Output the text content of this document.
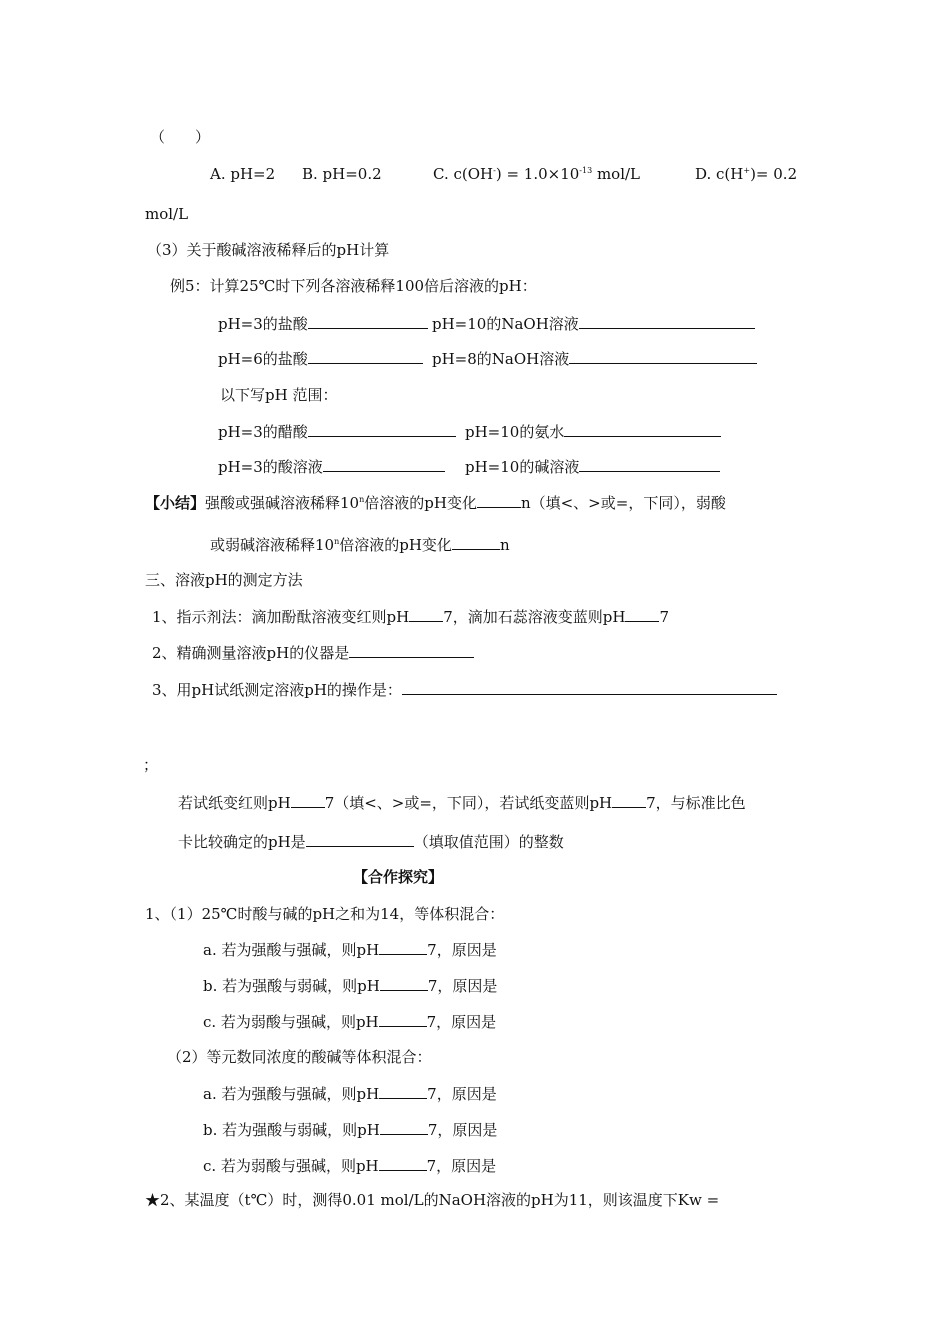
（　　）
A. pH=2 B. pH=0.2	C. $c(OH^-) = 1.0\times 10^{-13}$ mol/L	D. c(H+)= 0.2
mol/L
（3）关于酸碱溶液稀释后的pH计算
例5：计算25℃时下列各溶液稀释100倍后溶液的pH：
pH=3的盐酸	pH=10的NaOH溶液
pH=6的盐酸	pH=8的NaOH溶液
以下写pH 范围：
pH=3的醋酸	pH=10的氨水
pH=3的酸溶液	pH=10的碱溶液
【小结】强酸或强碱溶液稀释10$^n$倍溶液的pH变化	n（填<、>或=，下同），弱酸
或弱碱溶液稀释10$^n$倍溶液的pH变化	n
三、溶液pH的测定方法
1、指示剂法：滴加酚酞溶液变红则pH 7，滴加石蕊溶液变蓝则pH 7
2、精确测量溶液pH的仪器是
3、用pH试纸测定溶液pH的操作是：
；
若试纸变红则pH 7（填<、>或=，下同），若试纸变蓝则pH 7，与标准比色
卡比较确定的pH是	（填取值范围）的整数
【合作探究】
1、（1）25℃时酸与碱的pH之和为14，等体积混合：
a. 若为强酸与强碱，则pH	7，原因是
b. 若为强酸与弱碱，则pH	7，原因是
c. 若为弱酸与强碱，则pH	7，原因是
（2）等元数同浓度的酸碱等体积混合：
a. 若为强酸与强碱，则pH	7，原因是
b. 若为强酸与弱碱，则pH	7，原因是
c. 若为弱酸与强碱，则pH	7，原因是
★2、某温度（t℃）时，测得0.01 mol/L的NaOH溶液的pH为11，则该温度下Kw =
